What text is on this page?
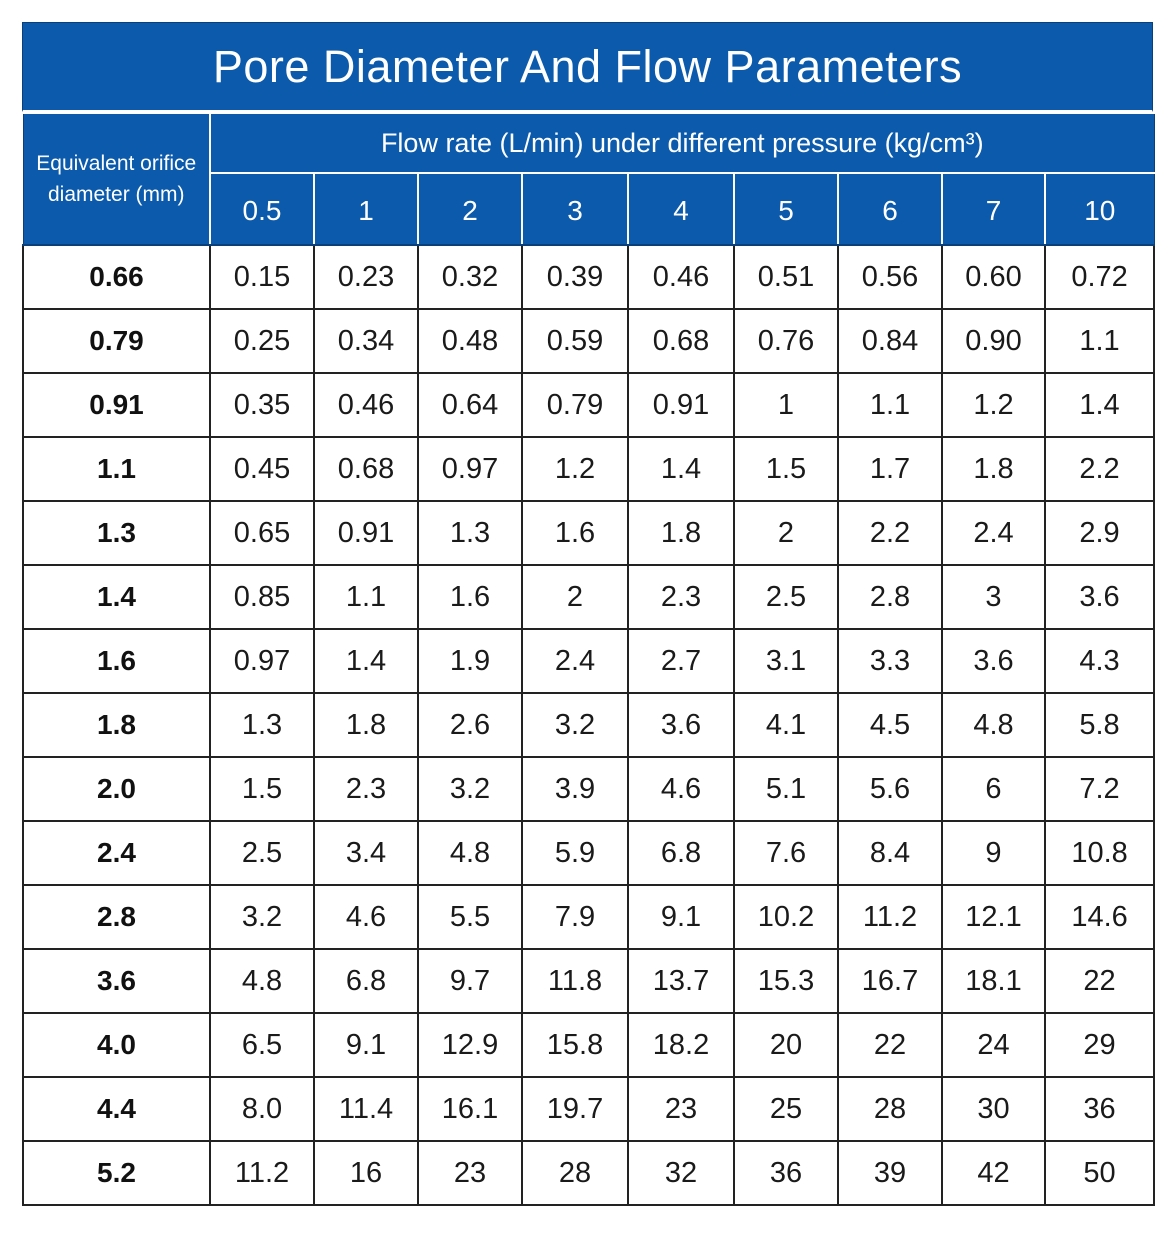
Pore Diameter And Flow Parameters
Equivalent orifice diameter (mm)	Flow rate (L/min) under different pressure (kg/cm³)								
	0.5	1	2	3	4	5	6	7	10
0.66	0.15	0.23	0.32	0.39	0.46	0.51	0.56	0.60	0.72
0.79	0.25	0.34	0.48	0.59	0.68	0.76	0.84	0.90	1.1
0.91	0.35	0.46	0.64	0.79	0.91	1	1.1	1.2	1.4
1.1	0.45	0.68	0.97	1.2	1.4	1.5	1.7	1.8	2.2
1.3	0.65	0.91	1.3	1.6	1.8	2	2.2	2.4	2.9
1.4	0.85	1.1	1.6	2	2.3	2.5	2.8	3	3.6
1.6	0.97	1.4	1.9	2.4	2.7	3.1	3.3	3.6	4.3
1.8	1.3	1.8	2.6	3.2	3.6	4.1	4.5	4.8	5.8
2.0	1.5	2.3	3.2	3.9	4.6	5.1	5.6	6	7.2
2.4	2.5	3.4	4.8	5.9	6.8	7.6	8.4	9	10.8
2.8	3.2	4.6	5.5	7.9	9.1	10.2	11.2	12.1	14.6
3.6	4.8	6.8	9.7	11.8	13.7	15.3	16.7	18.1	22
4.0	6.5	9.1	12.9	15.8	18.2	20	22	24	29
4.4	8.0	11.4	16.1	19.7	23	25	28	30	36
5.2	11.2	16	23	28	32	36	39	42	50
